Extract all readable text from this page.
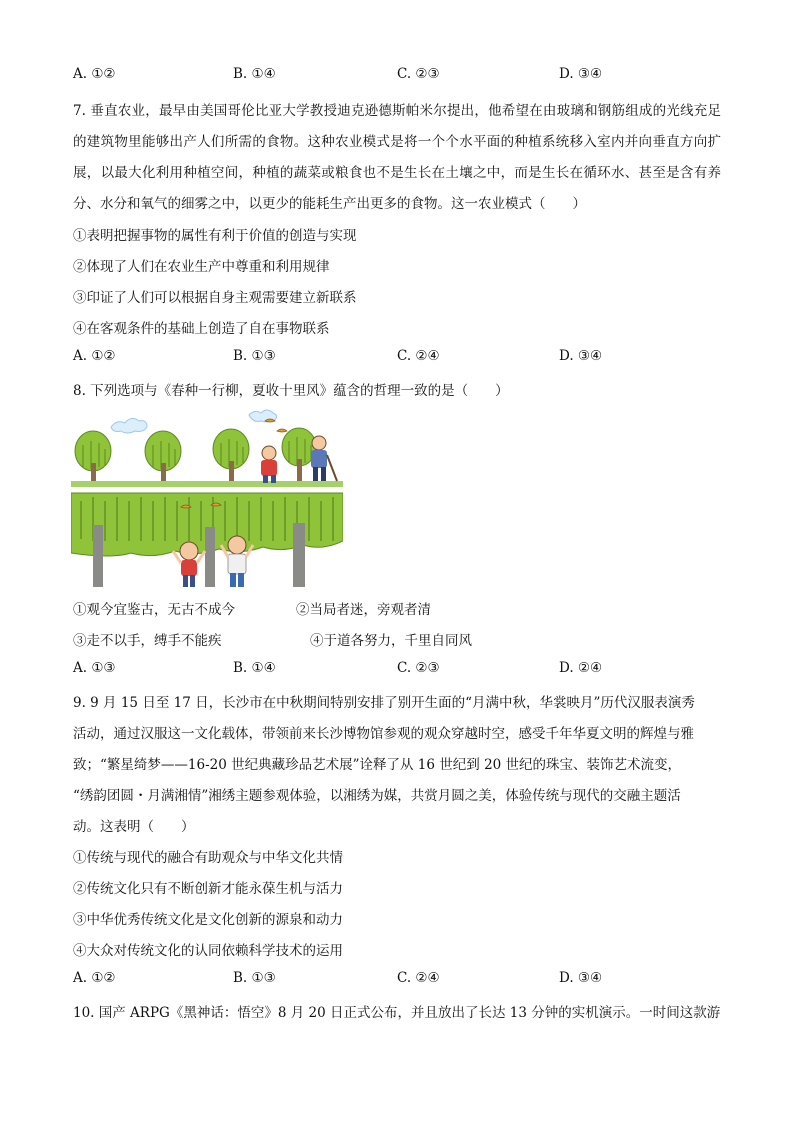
A. ①②	B. ①④	C. ②③	D. ③④
7. 垂直农业，最早由美国哥伦比亚大学教授迪克逊德斯帕米尔提出，他希望在由玻璃和钢筋组成的光线充足的建筑物里能够出产人们所需的食物。这种农业模式是将一个个水平面的种植系统移入室内并向垂直方向扩展，以最大化利用种植空间，种植的蔬菜或粮食也不是生长在土壤之中，而是生长在循环水、甚至是含有养分、水分和氧气的细雾之中，以更少的能耗生产出更多的食物。这一农业模式（　　）
①表明把握事物的属性有利于价值的创造与实现
②体现了人们在农业生产中尊重和利用规律
③印证了人们可以根据自身主观需要建立新联系
④在客观条件的基础上创造了自在事物联系
A. ①②	B. ①③	C. ②④	D. ③④
8. 下列选项与《春种一行柳，夏收十里风》蕴含的哲理一致的是（　　）
①观今宜鉴古，无古不成今	②当局者迷，旁观者清
③走不以手，缚手不能疾	④于道各努力，千里自同风
A. ①③	B. ①④	C. ②③	D. ②④
9. 9 月 15 日至 17 日，长沙市在中秋期间特别安排了别开生面的“月满中秋，华裳映月”历代汉服表演秀
活动，通过汉服这一文化载体，带领前来长沙博物馆参观的观众穿越时空，感受千年华夏文明的辉煌与雅
致；“繁星绮梦——16-20 世纪典藏珍品艺术展”诠释了从 16 世纪到 20 世纪的珠宝、装饰艺术流变，
“绣韵团圆・月满湘情”湘绣主题参观体验，以湘绣为媒，共赏月圆之美，体验传统与现代的交融主题活
动。这表明（　　）
①传统与现代的融合有助观众与中华文化共情
②传统文化只有不断创新才能永葆生机与活力
③中华优秀传统文化是文化创新的源泉和动力
④大众对传统文化的认同依赖科学技术的运用
A. ①②	B. ①③	C. ②④	D. ③④
10. 国产 ARPG《黑神话：悟空》8 月 20 日正式公布，并且放出了长达 13 分钟的实机演示。一时间这款游
